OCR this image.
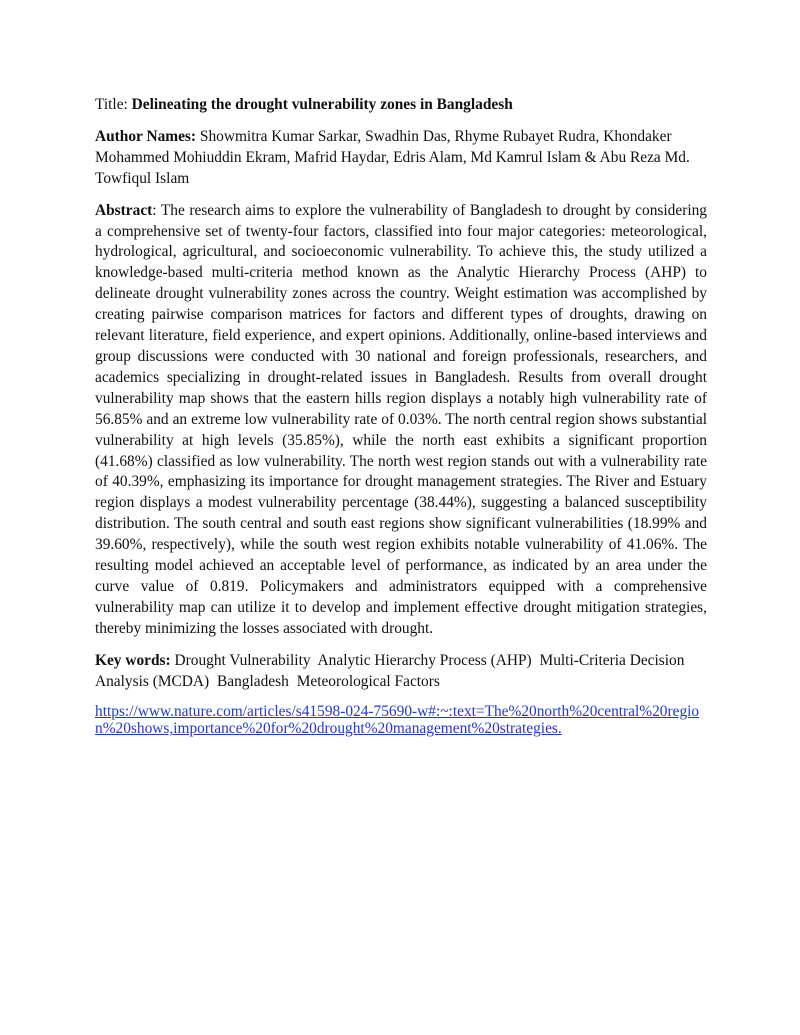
Title: Delineating the drought vulnerability zones in Bangladesh

Author Names: Showmitra Kumar Sarkar, Swadhin Das, Rhyme Rubayet Rudra, Khondaker Mohammed Mohiuddin Ekram, Mafrid Haydar, Edris Alam, Md Kamrul Islam & Abu Reza Md. Towfiqul Islam

Abstract: The research aims to explore the vulnerability of Bangladesh to drought by considering a comprehensive set of twenty-four factors, classified into four major categories: meteorological, hydrological, agricultural, and socioeconomic vulnerability. To achieve this, the study utilized a knowledge-based multi-criteria method known as the Analytic Hierarchy Process (AHP) to delineate drought vulnerability zones across the country. Weight estimation was accomplished by creating pairwise comparison matrices for factors and different types of droughts, drawing on relevant literature, field experience, and expert opinions. Additionally, online-based interviews and group discussions were conducted with 30 national and foreign professionals, researchers, and academics specializing in drought-related issues in Bangladesh. Results from overall drought vulnerability map shows that the eastern hills region displays a notably high vulnerability rate of 56.85% and an extreme low vulnerability rate of 0.03%. The north central region shows substantial vulnerability at high levels (35.85%), while the north east exhibits a significant proportion (41.68%) classified as low vulnerability. The north west region stands out with a vulnerability rate of 40.39%, emphasizing its importance for drought management strategies. The River and Estuary region displays a modest vulnerability percentage (38.44%), suggesting a balanced susceptibility distribution. The south central and south east regions show significant vulnerabilities (18.99% and 39.60%, respectively), while the south west region exhibits notable vulnerability of 41.06%. The resulting model achieved an acceptable level of performance, as indicated by an area under the curve value of 0.819. Policymakers and administrators equipped with a comprehensive vulnerability map can utilize it to develop and implement effective drought mitigation strategies, thereby minimizing the losses associated with drought.

Key words: Drought Vulnerability Analytic Hierarchy Process (AHP) Multi-Criteria Decision Analysis (MCDA) Bangladesh Meteorological Factors

https://www.nature.com/articles/s41598-024-75690-w#:~:text=The%20north%20central%20region%20shows,importance%20for%20drought%20management%20strategies.
